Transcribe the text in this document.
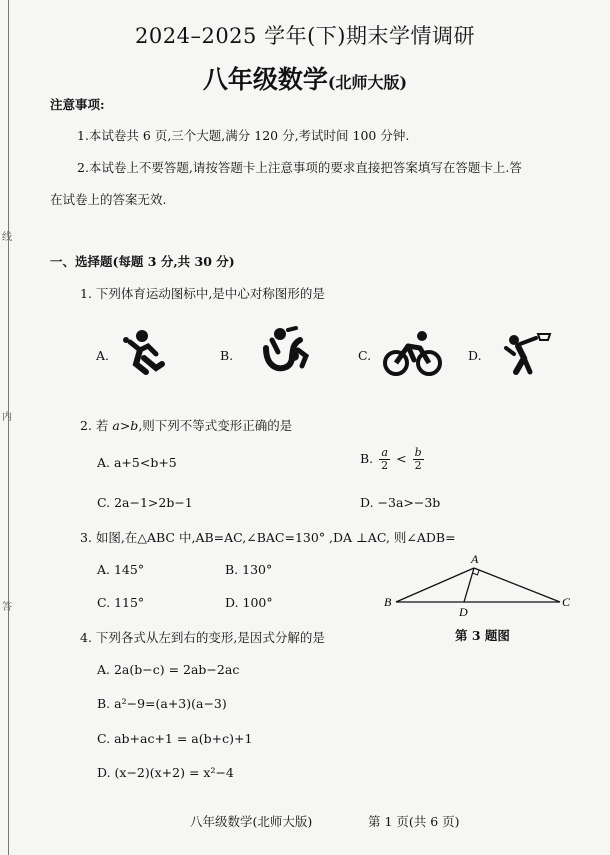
线
内
答
2024–2025 学年(下)期末学情调研
八年级数学(北师大版)
注意事项:
1.本试卷共 6 页,三个大题,满分 120 分,考试时间 100 分钟.
2.本试卷上不要答题,请按答题卡上注意事项的要求直接把答案填写在答题卡上.答
在试卷上的答案无效.
一、选择题(每题 3 分,共 30 分)
1. 下列体育运动图标中,是中心对称图形的是
A.	B.	C.	D.
2. 若 a>b,则下列不等式变形正确的是
A. a+5<b+5	B. $\frac{a}{2} < \frac{b}{2}$
C. 2a−1>2b−1	D. −3a>−3b
3. 如图,在△ABC 中,AB=AC,∠BAC=130° ,DA ⊥AC, 则∠ADB=
A. 145°	B. 130°
C. 115°	D. 100°
A
B	C
D
第 3 题图
4. 下列各式从左到右的变形,是因式分解的是
A. 2a(b−c) = 2ab−2ac
B. a²−9=(a+3)(a−3)
C. ab+ac+1 = a(b+c)+1
D. (x−2)(x+2) = x²−4
八年级数学(北师大版)	第 1 页(共 6 页)
